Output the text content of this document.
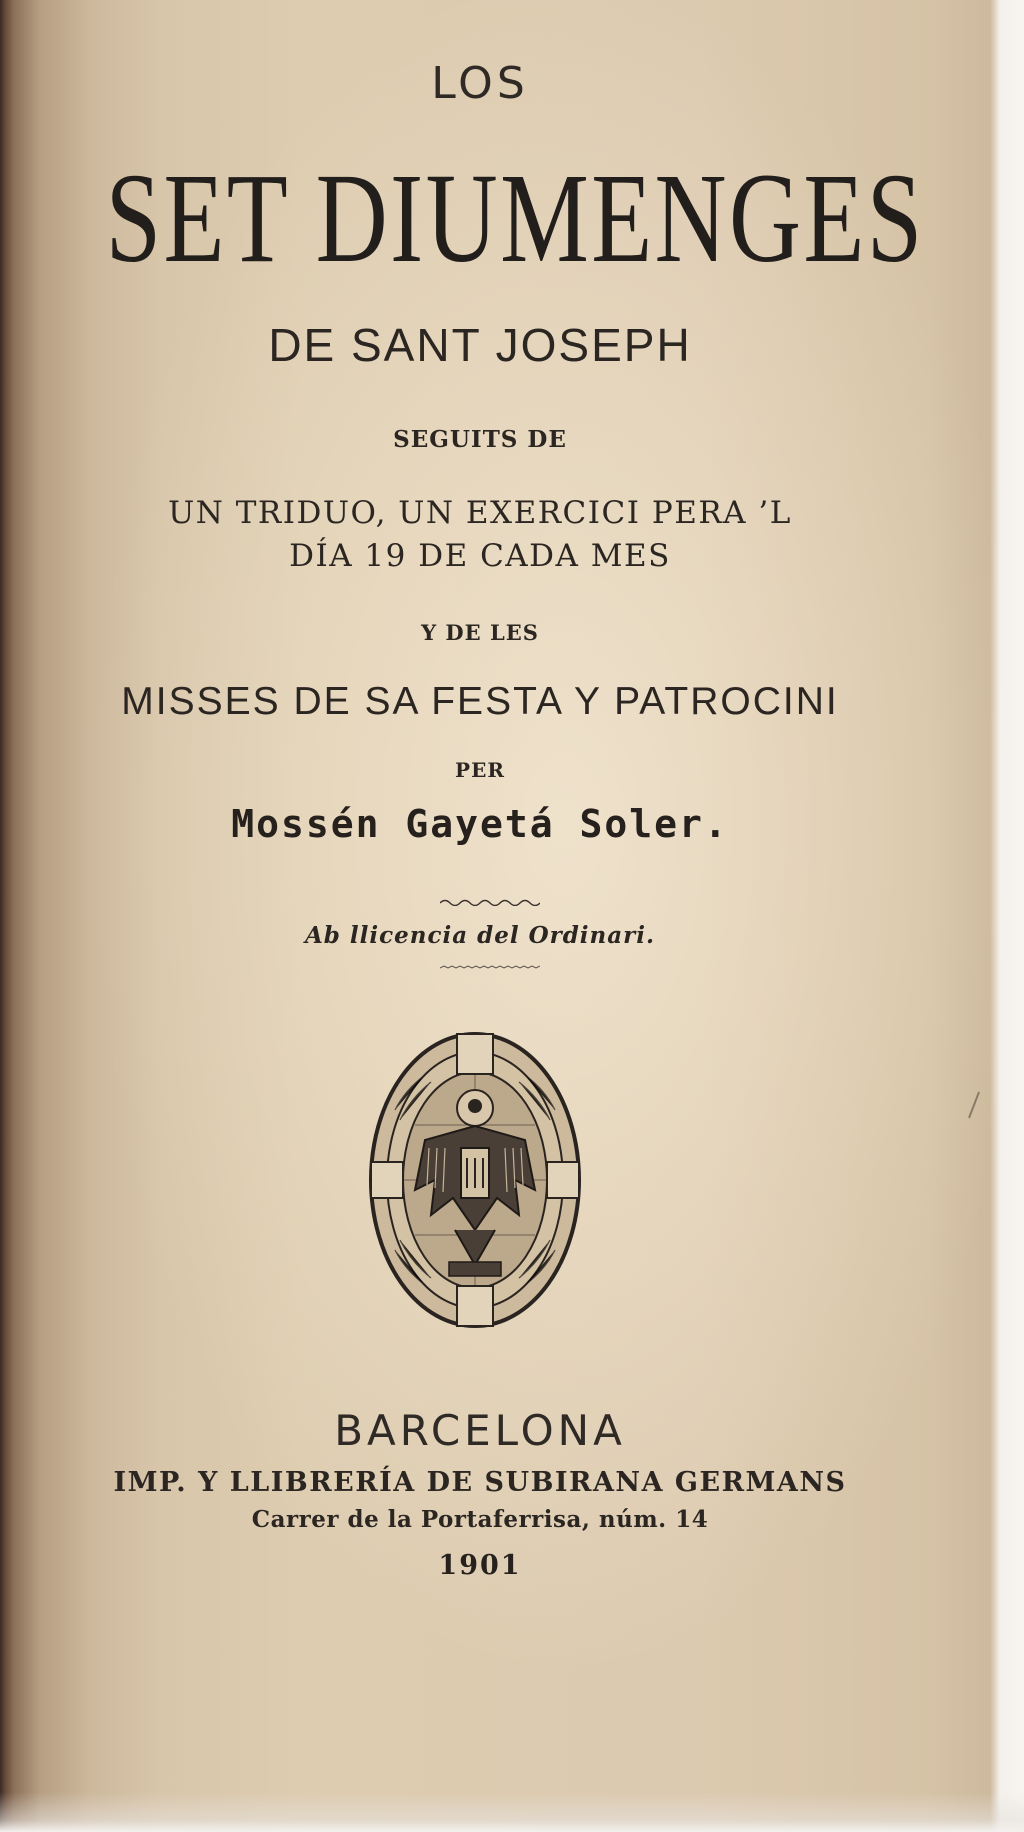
LOS
SET DIUMENGES
DE SANT JOSEPH
SEGUITS DE
UN TRIDUO, UN EXERCICI PERA ’L
DÍA 19 DE CADA MES
Y DE LES
MISSES DE SA FESTA Y PATROCINI
PER
Mossén Gayetá Soler.
Ab llicencia del Ordinari.
BARCELONA
IMP. Y LLIBRERÍA DE SUBIRANA GERMANS
Carrer de la Portaferrisa, núm. 14
1901
